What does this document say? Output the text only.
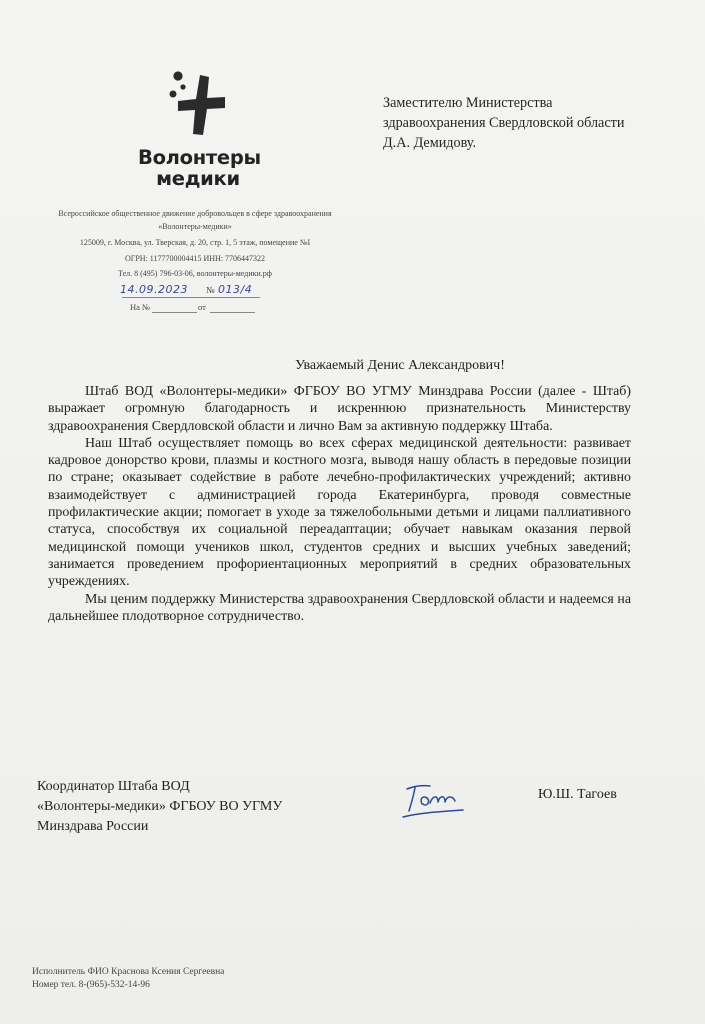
Волонтеры
медики
Всероссийское общественное движение добровольцев в сфере здравоохранения
«Волонтеры-медики»
125009, г. Москва, ул. Тверская, д. 20, стр. 1, 5 этаж, помещение №I
ОГРН: 1177700004415 ИНН: 7706447322
Тел. 8 (495) 796-03-06, волонтеры-медики.рф
14.09.2023 № 013/4
На №	от
Заместителю Министерства
здравоохранения Свердловской области
Д.А. Демидову.
Уважаемый Денис Александрович!

Штаб ВОД «Волонтеры-медики» ФГБОУ ВО УГМУ Минздрава России (далее - Штаб) выражает огромную благодарность и искреннюю признательность Министерству здравоохранения Свердловской области и лично Вам за активную поддержку Штаба.

Наш Штаб осуществляет помощь во всех сферах медицинской деятельности: развивает кадровое донорство крови, плазмы и костного мозга, выводя нашу область в передовые позиции по стране; оказывает содействие в работе лечебно-профилактических учреждений; активно взаимодействует с администрацией города Екатеринбурга, проводя совместные профилактические акции; помогает в уходе за тяжелобольными детьми и лицами паллиативного статуса, способствуя их социальной переадаптации; обучает навыкам оказания первой медицинской помощи учеников школ, студентов средних и высших учебных заведений; занимается проведением профориентационных мероприятий в средних образовательных учреждениях.

Мы ценим поддержку Министерства здравоохранения Свердловской области и надеемся на дальнейшее плодотворное сотрудничество.

Координатор Штаба ВОД
«Волонтеры-медики» ФГБОУ ВО УГМУ
Минздрава России
Ю.Ш. Тагоев
Исполнитель ФИО Краснова Ксения Сергеевна
Номер тел. 8-(965)-532-14-96
